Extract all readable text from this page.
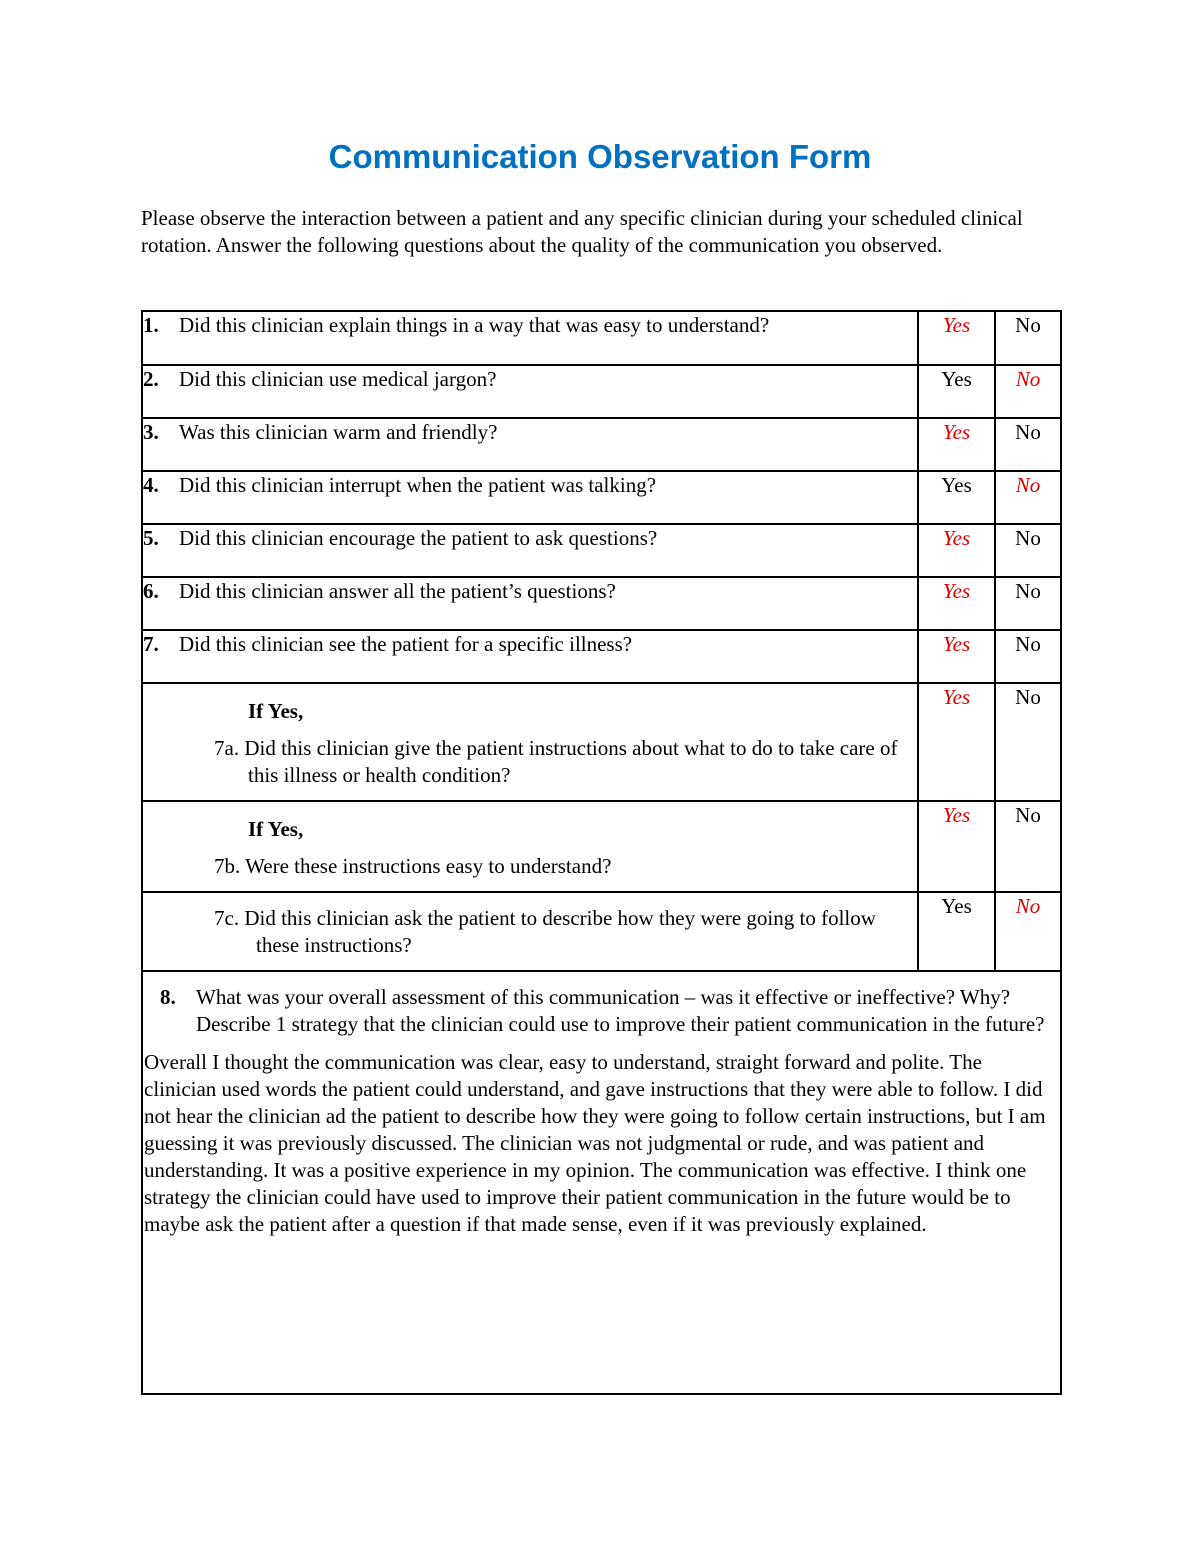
Communication Observation Form

Please observe the interaction between a patient and any specific clinician during your scheduled clinical rotation. Answer the following questions about the quality of the communication you observed.

1. Did this clinician explain things in a way that was easy to understand?	Yes	No
2. Did this clinician use medical jargon?	Yes	No
3. Was this clinician warm and friendly?	Yes	No
4. Did this clinician interrupt when the patient was talking?	Yes	No
5. Did this clinician encourage the patient to ask questions?	Yes	No
6. Did this clinician answer all the patient’s questions?	Yes	No
7. Did this clinician see the patient for a specific illness?	Yes	No

If Yes,
7a. Did this clinician give the patient instructions about what to do to take care of this illness or health condition?	Yes	No

If Yes,
7b. Were these instructions easy to understand?	Yes	No

7c. Did this clinician ask the patient to describe how they were going to follow these instructions?	Yes	No

8. What was your overall assessment of this communication – was it effective or ineffective? Why? Describe 1 strategy that the clinician could use to improve their patient communication in the future?
Overall I thought the communication was clear, easy to understand, straight forward and polite. The clinician used words the patient could understand, and gave instructions that they were able to follow. I did not hear the clinician ad the patient to describe how they were going to follow certain instructions, but I am guessing it was previously discussed. The clinician was not judgmental or rude, and was patient and understanding. It was a positive experience in my opinion. The communication was effective. I think one strategy the clinician could have used to improve their patient communication in the future would be to maybe ask the patient after a question if that made sense, even if it was previously explained.		
